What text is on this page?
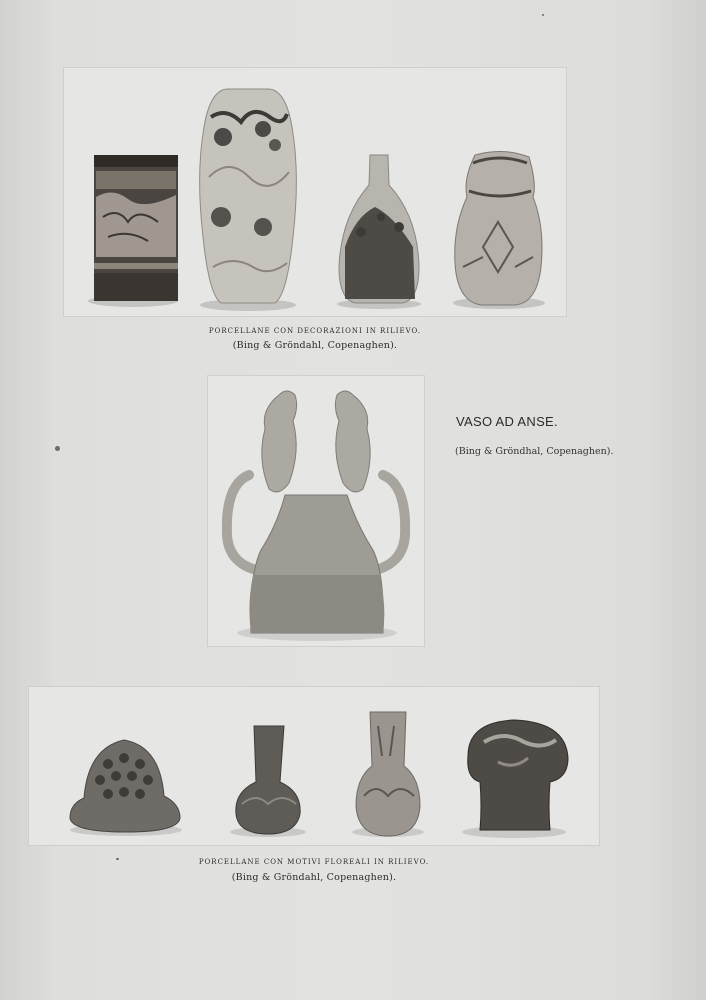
PORCELLANE CON DECORAZIONI IN RILIEVO.

(Bing & Gröndahl, Copenaghen).

VASO AD ANSE.

(Bing & Gröndhal, Copenaghen).

PORCELLANE CON MOTIVI FLOREALI IN RILIEVO.

(Bing & Gröndahl, Copenaghen).
